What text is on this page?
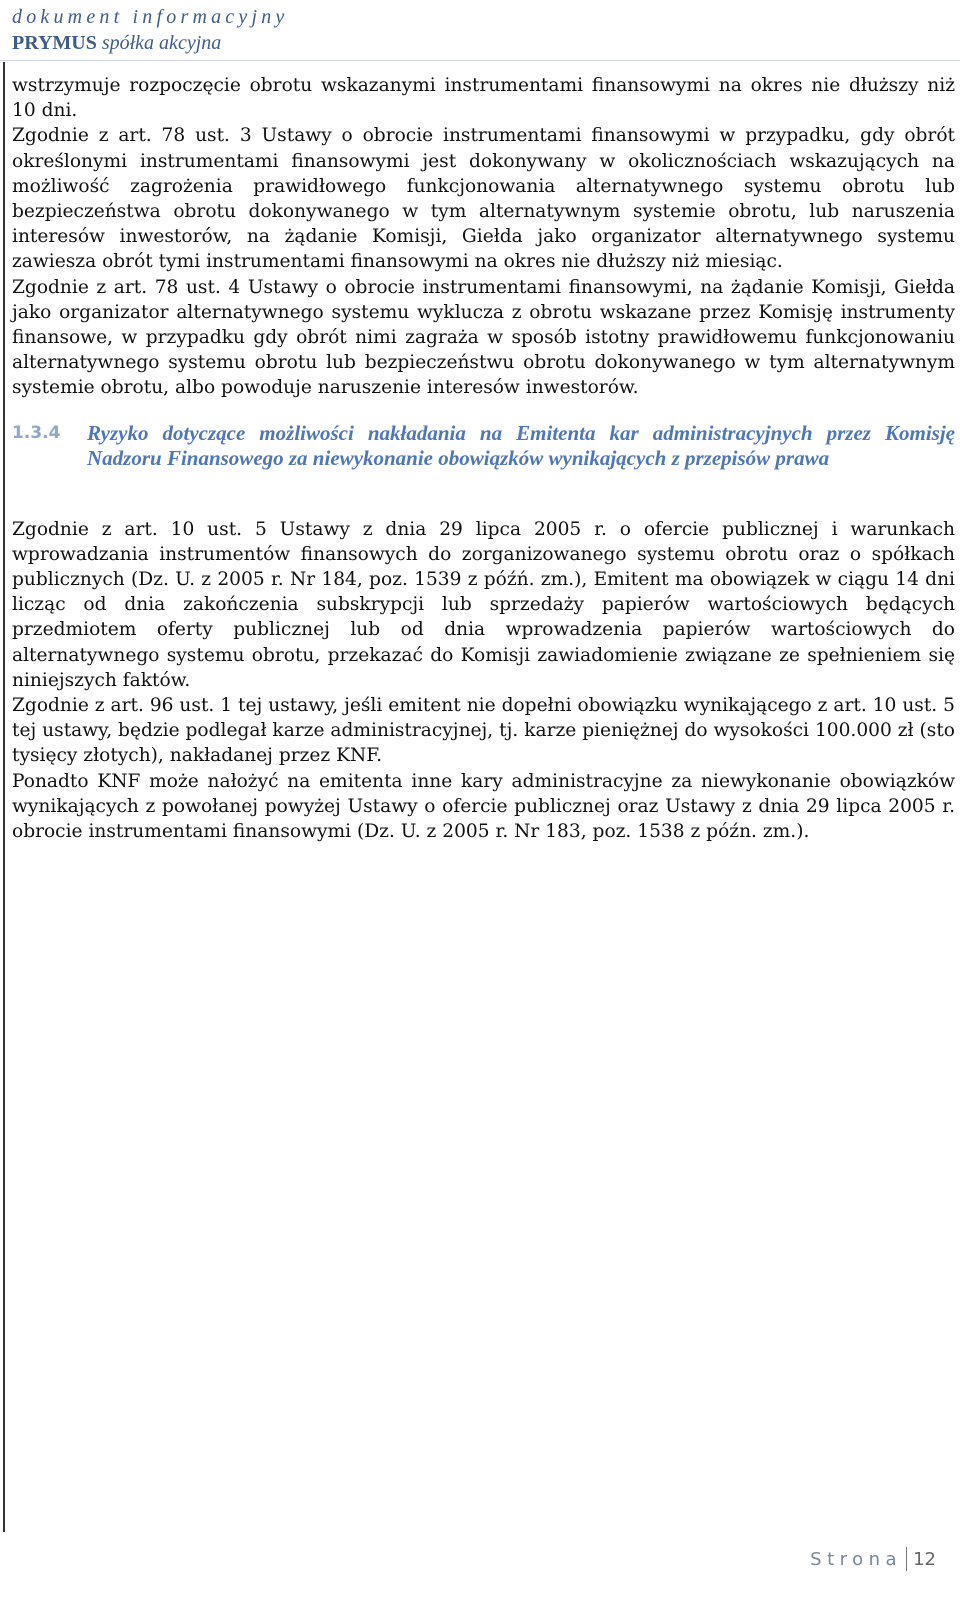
dokument informacyjny
PRYMUS spółka akcyjna

wstrzymuje rozpoczęcie obrotu wskazanymi instrumentami finansowymi na okres nie dłuższy niż 10 dni.

Zgodnie z art. 78 ust. 3 Ustawy o obrocie instrumentami finansowymi w przypadku, gdy obrót określonymi instrumentami finansowymi jest dokonywany w okolicznościach wskazujących na możliwość zagrożenia prawidłowego funkcjonowania alternatywnego systemu obrotu lub bezpieczeństwa obrotu dokonywanego w tym alternatywnym systemie obrotu, lub naruszenia interesów inwestorów, na żądanie Komisji, Giełda jako organizator alternatywnego systemu zawiesza obrót tymi instrumentami finansowymi na okres nie dłuższy niż miesiąc.

Zgodnie z art. 78 ust. 4 Ustawy o obrocie instrumentami finansowymi, na żądanie Komisji, Giełda jako organizator alternatywnego systemu wyklucza z obrotu wskazane przez Komisję instrumenty finansowe, w przypadku gdy obrót nimi zagraża w sposób istotny prawidłowemu funkcjonowaniu alternatywnego systemu obrotu lub bezpieczeństwu obrotu dokonywanego w tym alternatywnym systemie obrotu, albo powoduje naruszenie interesów inwestorów.

1.3.4 Ryzyko dotyczące możliwości nakładania na Emitenta kar administracyjnych przez Komisję Nadzoru Finansowego za niewykonanie obowiązków wynikających z przepisów prawa

Zgodnie z art. 10 ust. 5 Ustawy z dnia 29 lipca 2005 r. o ofercie publicznej i warunkach wprowadzania instrumentów finansowych do zorganizowanego systemu obrotu oraz o spółkach publicznych (Dz. U. z 2005 r. Nr 184, poz. 1539 z późń. zm.), Emitent ma obowiązek w ciągu 14 dni licząc od dnia zakończenia subskrypcji lub sprzedaży papierów wartościowych będących przedmiotem oferty publicznej lub od dnia wprowadzenia papierów wartościowych do alternatywnego systemu obrotu, przekazać do Komisji zawiadomienie związane ze spełnieniem się niniejszych faktów.

Zgodnie z art. 96 ust. 1 tej ustawy, jeśli emitent nie dopełni obowiązku wynikającego z art. 10 ust. 5 tej ustawy, będzie podlegał karze administracyjnej, tj. karze pieniężnej do wysokości 100.000 zł (sto tysięcy złotych), nakładanej przez KNF.

Ponadto KNF może nałożyć na emitenta inne kary administracyjne za niewykonanie obowiązków wynikających z powołanej powyżej Ustawy o ofercie publicznej oraz Ustawy z dnia 29 lipca 2005 r. obrocie instrumentami finansowymi (Dz. U. z 2005 r. Nr 183, poz. 1538 z późn. zm.).

Strona 12
